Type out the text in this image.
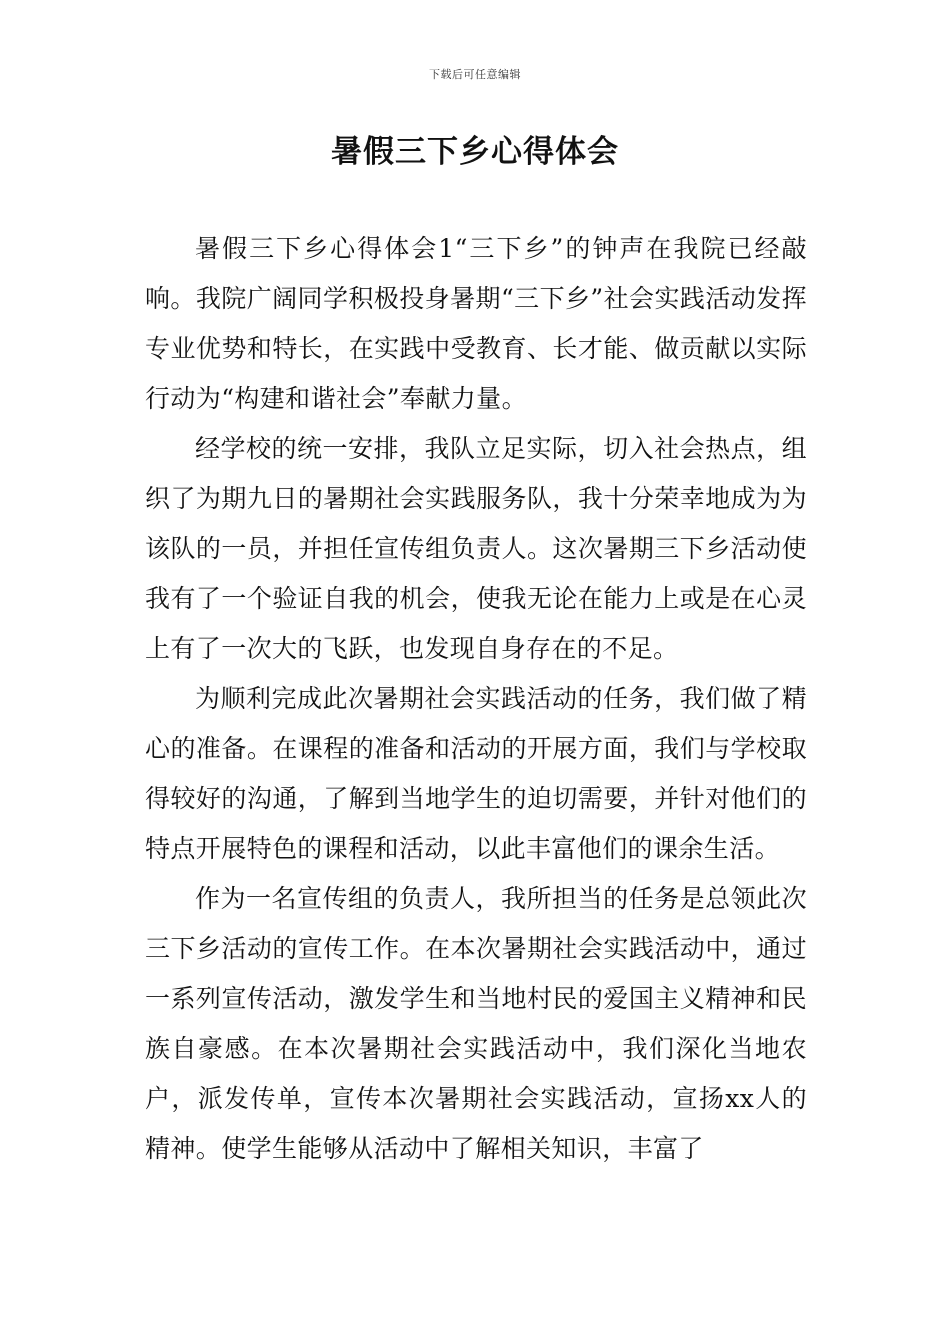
下载后可任意编辑
暑假三下乡心得体会

暑假三下乡心得体会1“三下乡”的钟声在我院已经敲响。我院广阔同学积极投身暑期“三下乡”社会实践活动发挥专业优势和特长，在实践中受教育、长才能、做贡献以实际行动为“构建和谐社会”奉献力量。

经学校的统一安排，我队立足实际，切入社会热点，组织了为期九日的暑期社会实践服务队，我十分荣幸地成为为该队的一员，并担任宣传组负责人。这次暑期三下乡活动使我有了一个验证自我的机会，使我无论在能力上或是在心灵上有了一次大的飞跃，也发现自身存在的不足。

为顺利完成此次暑期社会实践活动的任务，我们做了精心的准备。在课程的准备和活动的开展方面，我们与学校取得较好的沟通，了解到当地学生的迫切需要，并针对他们的特点开展特色的课程和活动，以此丰富他们的课余生活。

作为一名宣传组的负责人，我所担当的任务是总领此次三下乡活动的宣传工作。在本次暑期社会实践活动中，通过一系列宣传活动，激发学生和当地村民的爱国主义精神和民族自豪感。在本次暑期社会实践活动中，我们深化当地农户，派发传单，宣传本次暑期社会实践活动，宣扬xx人的精神。使学生能够从活动中了解相关知识，丰富了
